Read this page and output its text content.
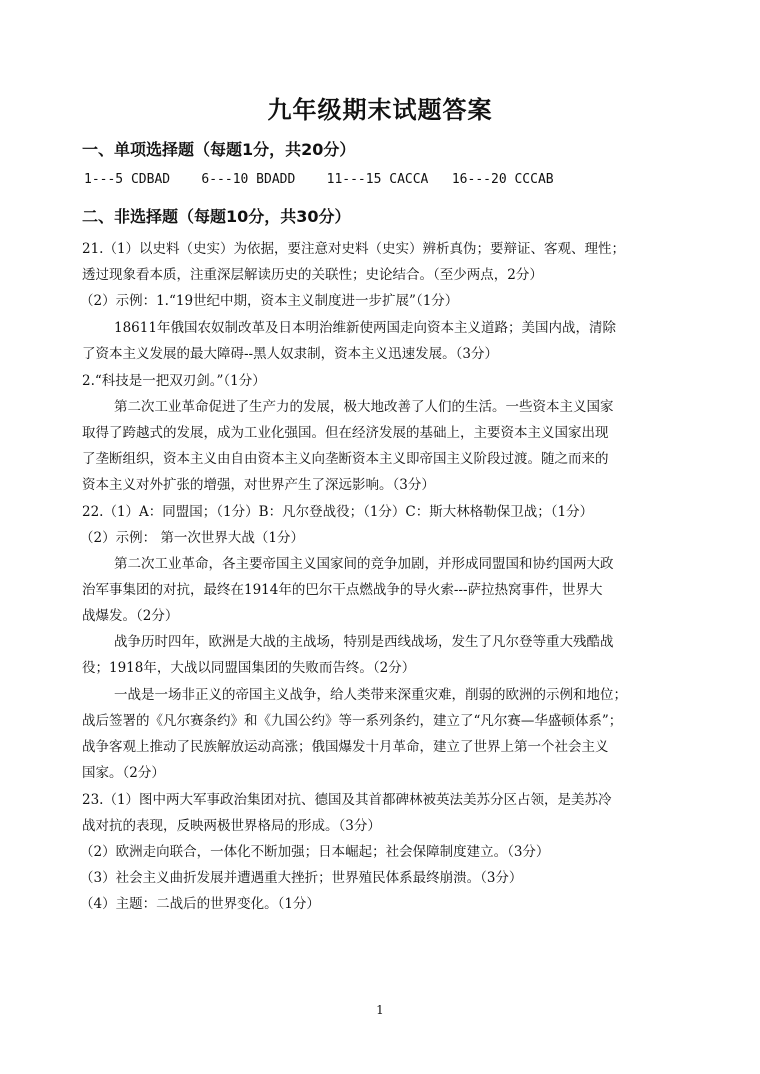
九年级期末试题答案
一、单项选择题（每题1分，共20分）
1---5 CDBAD    6---10 BDADD    11---15 CACCA   16---20 CCCAB
二、非选择题（每题10分，共30分）
21.（1）以史料（史实）为依据，要注意对史料（史实）辨析真伪；要辩证、客观、理性；
透过现象看本质，注重深层解读历史的关联性；史论结合。（至少两点，2分）
（2）示例：1.“19世纪中期，资本主义制度进一步扩展”（1分）
18611年俄国农奴制改革及日本明治维新使两国走向资本主义道路；美国内战，清除
了资本主义发展的最大障碍--黑人奴隶制，资本主义迅速发展。（3分）
2.“科技是一把双刃剑。”（1分）
第二次工业革命促进了生产力的发展，极大地改善了人们的生活。一些资本主义国家
取得了跨越式的发展，成为工业化强国。但在经济发展的基础上，主要资本主义国家出现
了垄断组织，资本主义由自由资本主义向垄断资本主义即帝国主义阶段过渡。随之而来的
资本主义对外扩张的增强，对世界产生了深远影响。（3分）
22.（1）A：同盟国；（1分）B：凡尔登战役；（1分）C：斯大林格勒保卫战；（1分）
（2）示例： 第一次世界大战（1分）
第二次工业革命，各主要帝国主义国家间的竞争加剧，并形成同盟国和协约国两大政
治军事集团的对抗，最终在1914年的巴尔干点燃战争的导火索---萨拉热窝事件，世界大
战爆发。（2分）
战争历时四年，欧洲是大战的主战场，特别是西线战场，发生了凡尔登等重大残酷战
役；1918年，大战以同盟国集团的失败而告终。（2分）
一战是一场非正义的帝国主义战争，给人类带来深重灾难，削弱的欧洲的示例和地位；
战后签署的《凡尔赛条约》和《九国公约》等一系列条约，建立了“凡尔赛—华盛顿体系”；
战争客观上推动了民族解放运动高涨；俄国爆发十月革命，建立了世界上第一个社会主义
国家。（2分）
23.（1）图中两大军事政治集团对抗、德国及其首都碑林被英法美苏分区占领，是美苏冷
战对抗的表现，反映两极世界格局的形成。（3分）
（2）欧洲走向联合，一体化不断加强；日本崛起；社会保障制度建立。（3分）
（3）社会主义曲折发展并遭遇重大挫折；世界殖民体系最终崩溃。（3分）
（4）主题：二战后的世界变化。（1分）
1
